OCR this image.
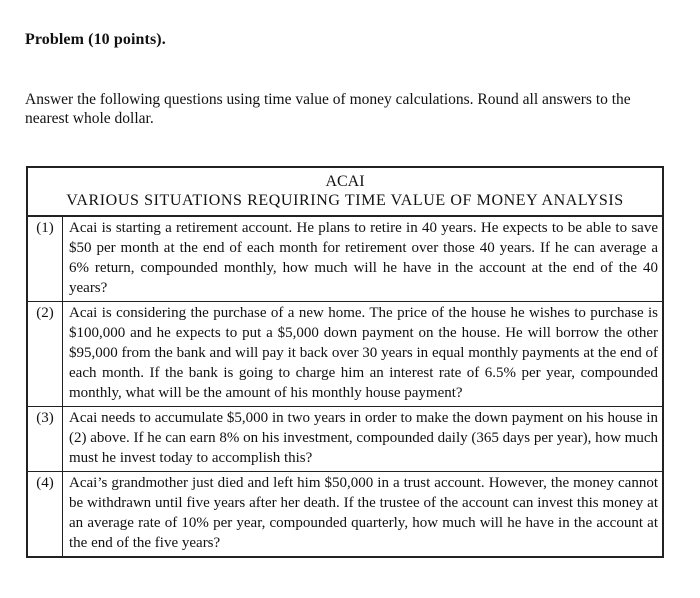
Problem (10 points).
Answer the following questions using time value of money calculations. Round all answers to the nearest whole dollar.
ACAI
VARIOUS SITUATIONS REQUIRING TIME VALUE OF MONEY ANALYSIS	

(1)	Acai is starting a retirement account. He plans to retire in 40 years. He expects to be able to save $50 per month at the end of each month for retirement over those 40 years. If he can average a 6% return, compounded monthly, how much will he have in the account at the end of the 40 years?
(2)	Acai is considering the purchase of a new home. The price of the house he wishes to purchase is $100,000 and he expects to put a $5,000 down payment on the house. He will borrow the other $95,000 from the bank and will pay it back over 30 years in equal monthly payments at the end of each month. If the bank is going to charge him an interest rate of 6.5% per year, compounded monthly, what will be the amount of his monthly house payment?
(3)	Acai needs to accumulate $5,000 in two years in order to make the down payment on his house in (2) above. If he can earn 8% on his investment, compounded daily (365 days per year), how much must he invest today to accomplish this?
(4)	Acai’s grandmother just died and left him $50,000 in a trust account. However, the money cannot be withdrawn until five years after her death. If the trustee of the account can invest this money at an average rate of 10% per year, compounded quarterly, how much will he have in the account at the end of the five years?
